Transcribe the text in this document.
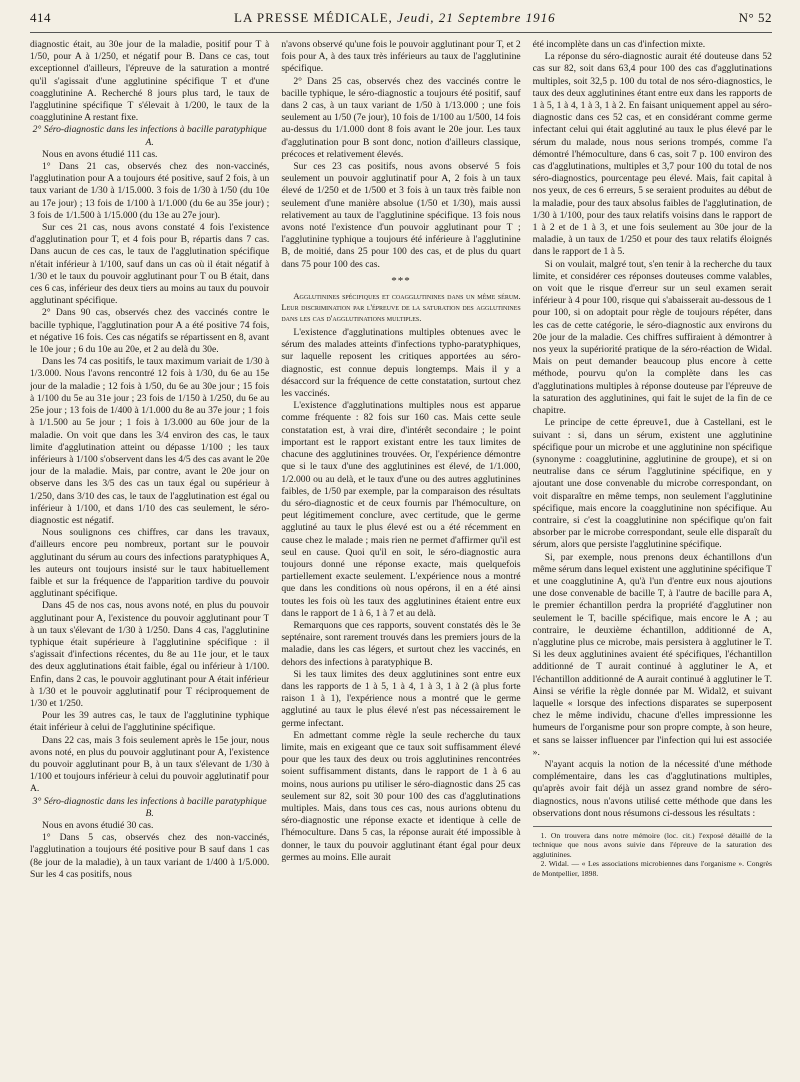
414	LA PRESSE MÉDICALE, Jeudi, 21 Septembre 1916	N° 52

diagnostic était, au 30e jour de la maladie, positif pour T à 1/50, pour A à 1/250, et négatif pour B. Dans ce cas, tout exceptionnel d'ailleurs, l'épreuve de la saturation a montré qu'il s'agissait d'une agglutinine spécifique T et d'une coagglutinine A. Recherché 8 jours plus tard, le taux de l'agglutinine spécifique T s'élevait à 1/200, le taux de la coagglutinine A restant fixe.

2° Séro-diagnostic dans les infections à bacille paratyphique A.

Nous en avons étudié 111 cas.

1° Dans 21 cas, observés chez des non-vaccinés, l'agglutination pour A a toujours été positive, sauf 2 fois, à un taux variant de 1/30 à 1/15.000. 3 fois de 1/30 à 1/50 (du 10e au 17e jour) ; 13 fois de 1/100 à 1/1.000 (du 6e au 35e jour) ; 3 fois de 1/1.500 à 1/15.000 (du 13e au 27e jour).

Sur ces 21 cas, nous avons constaté 4 fois l'existence d'agglutination pour T, et 4 fois pour B, répartis dans 7 cas. Dans aucun de ces cas, le taux de l'agglutination spécifique n'était inférieur à 1/100, sauf dans un cas où il était négatif à 1/30 et le taux du pouvoir agglutinant pour T ou B était, dans ces 6 cas, inférieur des deux tiers au moins au taux du pouvoir agglutinant spécifique.

2° Dans 90 cas, observés chez des vaccinés contre le bacille typhique, l'agglutination pour A a été positive 74 fois, et négative 16 fois. Ces cas négatifs se répartissent en 8, avant le 10e jour ; 6 du 10e au 20e, et 2 au delà du 30e.

Dans les 74 cas positifs, le taux maximum variait de 1/30 à 1/3.000. Nous l'avons rencontré 12 fois à 1/30, du 6e au 15e jour de la maladie ; 12 fois à 1/50, du 6e au 30e jour ; 15 fois à 1/100 du 5e au 31e jour ; 23 fois de 1/150 à 1/250, du 6e au 25e jour ; 13 fois de 1/400 à 1/1.000 du 8e au 37e jour ; 1 fois à 1/1.500 au 5e jour ; 1 fois à 1/3.000 au 60e jour de la maladie. On voit que dans les 3/4 environ des cas, le taux limite d'agglutination atteint ou dépasse 1/100 ; les taux inférieurs à 1/100 s'observent dans les 4/5 des cas avant le 20e jour de la maladie. Mais, par contre, avant le 20e jour on observe dans les 3/5 des cas un taux égal ou supérieur à 1/250, dans 3/10 des cas, le taux de l'agglutination est égal ou inférieur à 1/100, et dans 1/10 des cas seulement, le séro-diagnostic est négatif.

Nous soulignons ces chiffres, car dans les travaux, d'ailleurs encore peu nombreux, portant sur le pouvoir agglutinant du sérum au cours des infections paratyphiques A, les auteurs ont toujours insisté sur le taux habituellement faible et sur la fréquence de l'apparition tardive du pouvoir agglutinant spécifique.

Dans 45 de nos cas, nous avons noté, en plus du pouvoir agglutinant pour A, l'existence du pouvoir agglutinant pour T à un taux s'élevant de 1/30 à 1/250. Dans 4 cas, l'agglutinine typhique était supérieure à l'agglutinine spécifique : il s'agissait d'infections récentes, du 8e au 11e jour, et le taux des deux agglutinations était faible, égal ou inférieur à 1/100. Enfin, dans 2 cas, le pouvoir agglutinant pour A était inférieur à 1/30 et le pouvoir agglutinatif pour T réciproquement de 1/30 et 1/250.

Pour les 39 autres cas, le taux de l'agglutinine typhique était inférieur à celui de l'agglutinine spécifique.

Dans 22 cas, mais 3 fois seulement après le 15e jour, nous avons noté, en plus du pouvoir agglutinant pour A, l'existence du pouvoir agglutinant pour B, à un taux s'élevant de 1/30 à 1/100 et toujours inférieur à celui du pouvoir agglutinatif pour A.

3° Séro-diagnostic dans les infections à bacille paratyphique B.

Nous en avons étudié 30 cas.

1° Dans 5 cas, observés chez des non-vaccinés, l'agglutination a toujours été positive pour B sauf dans 1 cas (8e jour de la maladie), à un taux variant de 1/400 à 1/5.000. Sur les 4 cas positifs, nous

n'avons observé qu'une fois le pouvoir agglutinant pour T, et 2 fois pour A, à des taux très inférieurs au taux de l'agglutinine spécifique.

2° Dans 25 cas, observés chez des vaccinés contre le bacille typhique, le séro-diagnostic a toujours été positif, sauf dans 2 cas, à un taux variant de 1/50 à 1/13.000 ; une fois seulement au 1/50 (7e jour), 10 fois de 1/100 au 1/500, 14 fois au-dessus du 1/1.000 dont 8 fois avant le 20e jour. Les taux d'agglutination pour B sont donc, notion d'ailleurs classique, précoces et relativement élevés.

Sur ces 23 cas positifs, nous avons observé 5 fois seulement un pouvoir agglutinatif pour A, 2 fois à un taux élevé de 1/250 et de 1/500 et 3 fois à un taux très faible non seulement d'une manière absolue (1/50 et 1/30), mais aussi relativement au taux de l'agglutinine spécifique. 13 fois nous avons noté l'existence d'un pouvoir agglutinant pour T ; l'agglutinine typhique a toujours été inférieure à l'agglutinine B, de moitié, dans 25 pour 100 des cas, et de plus du quart dans 75 pour 100 des cas.

***

Agglutinines spécifiques et coagglutinines dans un même sérum. Leur discrimination par l'épreuve de la saturation des agglutinines dans les cas d'agglutinations multiples.

L'existence d'agglutinations multiples obtenues avec le sérum des malades atteints d'infections typho-paratyphiques, sur laquelle reposent les critiques apportées au séro-diagnostic, est connue depuis longtemps. Mais il y a désaccord sur la fréquence de cette constatation, surtout chez les vaccinés.

L'existence d'agglutinations multiples nous est apparue comme fréquente : 82 fois sur 160 cas. Mais cette seule constatation est, à vrai dire, d'intérêt secondaire ; le point important est le rapport existant entre les taux limites de chacune des agglutinines trouvées. Or, l'expérience démontre que si le taux d'une des agglutinines est élevé, de 1/1.000, 1/2.000 ou au delà, et le taux d'une ou des autres agglutinines faibles, de 1/50 par exemple, par la comparaison des résultats du séro-diagnostic et de ceux fournis par l'hémoculture, on peut légitimement conclure, avec certitude, que le germe agglutiné au taux le plus élevé est ou a été récemment en cause chez le malade ; mais rien ne permet d'affirmer qu'il est seul en cause. Quoi qu'il en soit, le séro-diagnostic aura toujours donné une réponse exacte, mais quelquefois partiellement exacte seulement. L'expérience nous a montré que dans les conditions où nous opérons, il en a été ainsi toutes les fois où les taux des agglutinines étaient entre eux dans le rapport de 1 à 6, 1 à 7 et au delà.

Remarquons que ces rapports, souvent constatés dès le 3e septénaire, sont rarement trouvés dans les premiers jours de la maladie, dans les cas légers, et surtout chez les vaccinés, en dehors des infections à paratyphique B.

Si les taux limites des deux agglutinines sont entre eux dans les rapports de 1 à 5, 1 à 4, 1 à 3, 1 à 2 (à plus forte raison 1 à 1), l'expérience nous a montré que le germe agglutiné au taux le plus élevé n'est pas nécessairement le germe infectant.

En admettant comme règle la seule recherche du taux limite, mais en exigeant que ce taux soit suffisamment élevé pour que les taux des deux ou trois agglutinines rencontrées soient suffisamment distants, dans le rapport de 1 à 6 au moins, nous aurions pu utiliser le séro-diagnostic dans 25 cas seulement sur 82, soit 30 pour 100 des cas d'agglutinations multiples. Mais, dans tous ces cas, nous aurions obtenu du séro-diagnostic une réponse exacte et identique à celle de l'hémoculture. Dans 5 cas, la réponse aurait été impossible à donner, le taux du pouvoir agglutinant étant égal pour deux germes au moins. Elle aurait

été incomplète dans un cas d'infection mixte.

La réponse du séro-diagnostic aurait été douteuse dans 52 cas sur 82, soit dans 63,4 pour 100 des cas d'agglutinations multiples, soit 32,5 p. 100 du total de nos séro-diagnostics, le taux des deux agglutinines étant entre eux dans les rapports de 1 à 5, 1 à 4, 1 à 3, 1 à 2. En faisant uniquement appel au séro-diagnostic dans ces 52 cas, et en considérant comme germe infectant celui qui était agglutiné au taux le plus élevé par le sérum du malade, nous nous serions trompés, comme l'a démontré l'hémoculture, dans 6 cas, soit 7 p. 100 environ des cas d'agglutinations, multiples et 3,7 pour 100 du total de nos séro-diagnostics, pourcentage peu élevé. Mais, fait capital à nos yeux, de ces 6 erreurs, 5 se seraient produites au début de la maladie, pour des taux absolus faibles de l'agglutination, de 1/30 à 1/100, pour des taux relatifs voisins dans le rapport de 1 à 2 et de 1 à 3, et une fois seulement au 30e jour de la maladie, à un taux de 1/250 et pour des taux relatifs éloignés dans le rapport de 1 à 5.

Si on voulait, malgré tout, s'en tenir à la recherche du taux limite, et considérer ces réponses douteuses comme valables, on voit que le risque d'erreur sur un seul examen serait inférieur à 4 pour 100, risque qui s'abaisserait au-dessous de 1 pour 100, si on adoptait pour règle de toujours répéter, dans les cas de cette catégorie, le séro-diagnostic aux environs du 20e jour de la maladie. Ces chiffres suffiraient à démontrer à nos yeux la supériorité pratique de la séro-réaction de Widal. Mais on peut demander beaucoup plus encore à cette méthode, pourvu qu'on la complète dans les cas d'agglutinations multiples à réponse douteuse par l'épreuve de la saturation des agglutinines, qui fait le sujet de la fin de ce chapitre.

Le principe de cette épreuve1, due à Castellani, est le suivant : si, dans un sérum, existent une agglutinine spécifique pour un microbe et une agglutinine non spécifique (synonyme : coagglutinine, agglutinine de groupe), et si on neutralise dans ce sérum l'agglutinine spécifique, en y ajoutant une dose convenable du microbe correspondant, on voit disparaître en même temps, non seulement l'agglutinine spécifique, mais encore la coagglutinine non spécifique. Au contraire, si c'est la coagglutinine non spécifique qu'on fait absorber par le microbe correspondant, seule elle disparaît du sérum, alors que persiste l'agglutinine spécifique.

Si, par exemple, nous prenons deux échantillons d'un même sérum dans lequel existent une agglutinine spécifique T et une coagglutinine A, qu'à l'un d'entre eux nous ajoutions une dose convenable de bacille T, à l'autre de bacille para A, le premier échantillon perdra la propriété d'agglutiner non seulement le T, bacille spécifique, mais encore le A ; au contraire, le deuxième échantillon, additionné de A, n'agglutine plus ce microbe, mais persistera à agglutiner le T. Si les deux agglutinines avaient été spécifiques, l'échantillon additionné de T aurait continué à agglutiner le A, et l'échantillon additionné de A aurait continué à agglutiner le T. Ainsi se vérifie la règle donnée par M. Widal2, et suivant laquelle « lorsque des infections disparates se superposent chez le même individu, chacune d'elles impressionne les humeurs de l'organisme pour son propre compte, à son heure, et sans se laisser influencer par l'infection qui lui est associée ».

N'ayant acquis la notion de la nécessité d'une méthode complémentaire, dans les cas d'agglutinations multiples, qu'après avoir fait déjà un assez grand nombre de séro-diagnostics, nous n'avons utilisé cette méthode que dans les observations dont nous résumons ci-dessous les résultats :

1. On trouvera dans notre mémoire (loc. cit.) l'exposé détaillé de la technique que nous avons suivie dans l'épreuve de la saturation des agglutinines.

2. Widal. — « Les associations microbiennes dans l'organisme ». Congrès de Montpellier, 1898.
